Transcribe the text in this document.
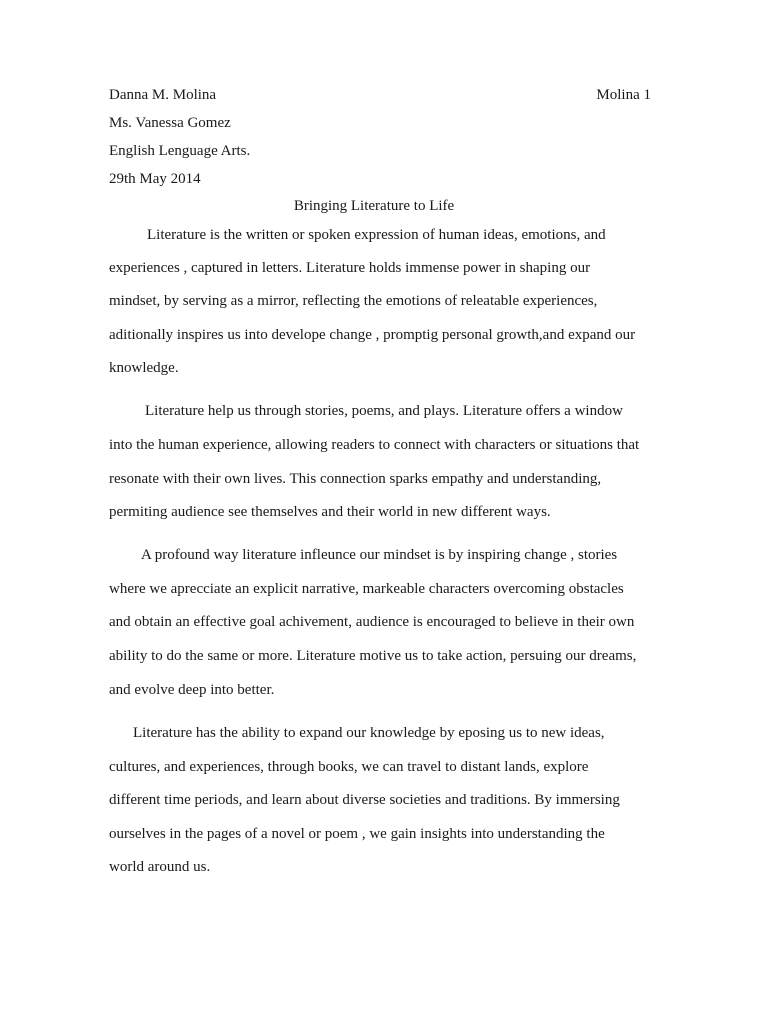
Danna M. Molina	Molina 1
Ms. Vanessa Gomez
English Lenguage Arts.
29th May 2014
Bringing Literature to Life
Literature is the written or spoken expression of human ideas, emotions, and
experiences , captured in letters. Literature holds immense power in shaping our
mindset, by serving as a mirror, reflecting the emotions of releatable experiences,
aditionally inspires us into develope change , promptig personal growth,and expand our
knowledge.
Literature help us through stories, poems, and plays. Literature offers a window
into the human experience, allowing readers to connect with characters or situations that
resonate with their own lives. This connection sparks empathy and understanding,
permiting audience see themselves and their world in new different ways.
A profound way literature infleunce our mindset is by inspiring change , stories
where we aprecciate an explicit narrative, markeable characters overcoming obstacles
and obtain an effective goal achivement, audience is encouraged to believe in their own
ability to do the same or more. Literature motive us to take action, persuing our dreams,
and evolve deep into better.
Literature has the ability to expand our knowledge by eposing us to new ideas,
cultures, and experiences, through books, we can travel to distant lands, explore
different time periods, and learn about diverse societies and traditions. By immersing
ourselves in the pages of a novel or poem , we gain insights into understanding the
world around us.
